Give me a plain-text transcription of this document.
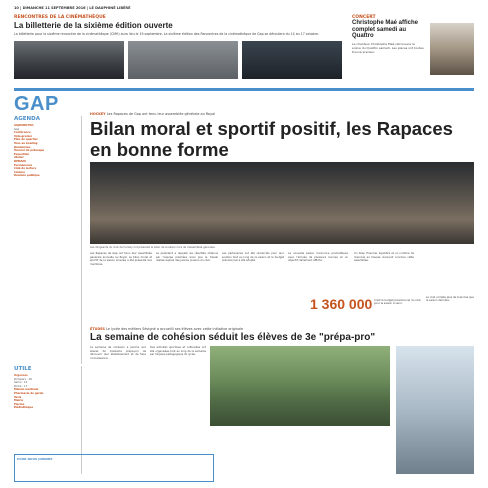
10 | DIMANCHE 11 SEPTEMBRE 2016 | LE DAUPHINÉ LIBÉRÉ
RENCONTRES DE LA CINÉMATHÈQUE
La billetterie de la sixième édition ouverte
La billetterie pour la sixième rencontre de la cinémathèque (CMH) aura lieu le 19 septembre. La sixième édition des Rencontres de la cinémathèque de Gap se déroulera du 14 au 17 octobre.
CONCERT
Christophe Maé affiche complet samedi au Quattro
Le chanteur Christophe Maé retrouvera la scène du Quattro samedi. Les places ont toutes trouvé preneur.
GAP
AGENDA
AUJOURD'HUI
Gap
Conférence
Vide-grenier
Fête de quartier
Tous au bowling
Randonnée
Tournoi de pétanque
Exposition
Atelier
DEMAIN
Permanence
Club de lecture
Cinéma
Réunion publique
UTILE
Urgences
Pompiers : 18
Samu : 15
Police : 17
Maison médicale
Pharmacie de garde
Taxis
Mairie
Piscine
Médiathèque
POUR NOUS JOINDRE
HOCKEY Les Rapaces de Gap ont tenu leur assemblée générale au Royal
Bilan moral et sportif positif, les Rapaces en bonne forme
Les dirigeants du club de hockey ont présenté le bilan de la saison lors de l'assemblée générale.
Les Rapaces de Gap ont tenu leur assemblée générale annuelle au Royal. Le bilan moral et sportif de la saison écoulée a été présenté aux membres.
Le président a rappelé les résultats obtenus par l'équipe première ainsi que le travail réalisé auprès des jeunes joueurs du club.
Les partenaires ont été remerciés pour leur soutien tout au long de la saison et le budget prévisionnel a été adopté.
La nouvelle saison s'annonce prometteuse avec l'arrivée de plusieurs recrues et un objectif clairement affiché.
Un bilan financier équilibré et un nombre de licenciés en hausse viennent conclure cette assemblée.
1 360 000 C'est le budget prévisionnel du club pour la saison à venir.
Le club compte plus de licenciés que la saison dernière.
ÉTUDES Le lycée des métiers Sévigné a accueilli ses élèves avec cette initiative originale
La semaine de cohésion séduit les élèves de 3e "prépa-pro"
La semaine de cohésion a permis aux élèves de troisième prépa-pro de découvrir leur établissement et de faire connaissance.
Des activités sportives et culturelles ont été organisées tout au long de la semaine par l'équipe pédagogique du lycée.
